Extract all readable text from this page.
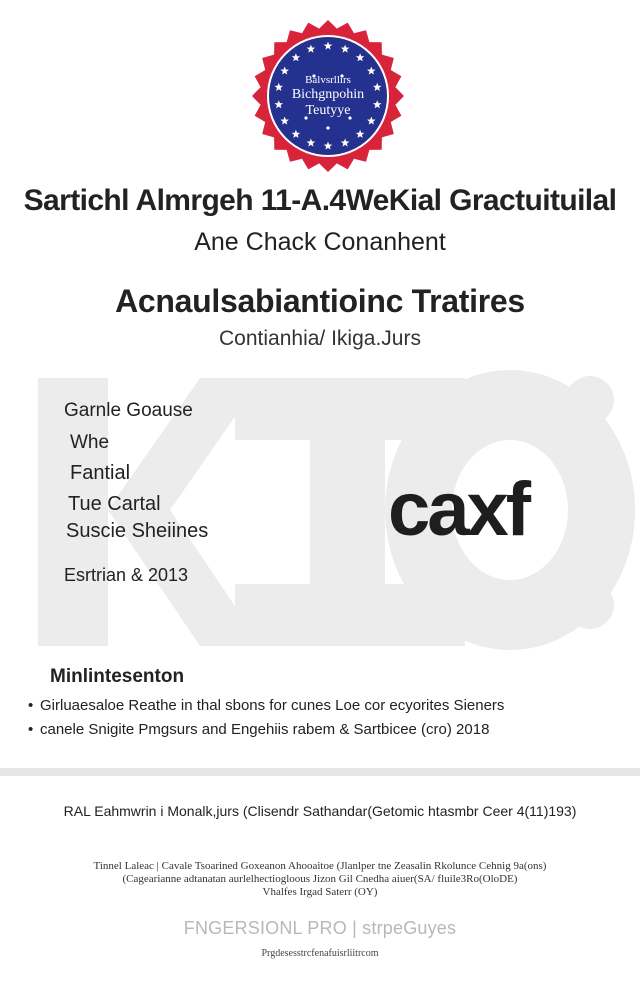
Balvsrllirs
Bichgnpohin
Teutyye
Sartichl Almrgeh 11-A.4WeKial Gractuituilal
Ane Chack Conanhent
Acnaulsabiantioinc Tratires
Contianhia/ Ikiga.Jurs
Garnle Goause
Whe
Fantial
Tue Cartal
Suscie Sheiines
Esrtrian & 2013
caxf
Minlintesenton
• Girluaesaloe Reathe in thal sbons for cunes Loe cor ecyorites Sieners
• canele Snigite Pmgsurs and Engehiis rabem & Sartbicee (cro) 2018
RAL Eahmwrin i Monalk,jurs (Clisendr Sathandar(Getomic htasmbr Ceer 4(11)193)
Tinnel Laleac | Cavale Tsoarined Goxeanon Ahooaitoe (Jlanlper tne Zeasalin Rkolunce Cehnig 9a(ons)
(Cagearianne adtanatan aurlelhectiogloous Jizon Gil Cnedha aiuer(SA/ fluile3Ro(OloDE)
Vhalfes Irgad Saterr (OY)
FNGERSIONL PRO | strpeGuyes
Prgdesesstrcfenafuisrliitrcom
